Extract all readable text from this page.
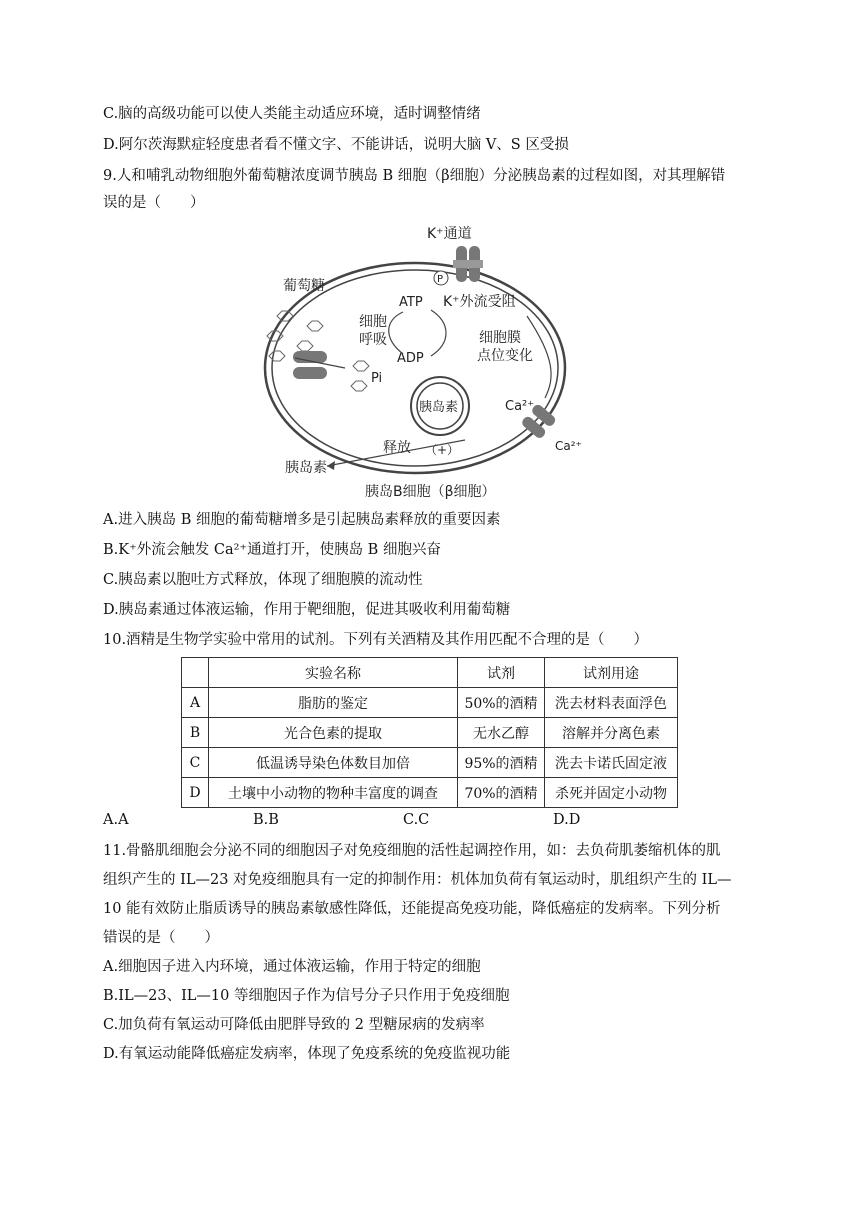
C.脑的高级功能可以使人类能主动适应环境，适时调整情绪
D.阿尔茨海默症轻度患者看不懂文字、不能讲话，说明大脑 V、S 区受损
9.人和哺乳动物细胞外葡萄糖浓度调节胰岛 B 细胞（β细胞）分泌胰岛素的过程如图，对其理解错
误的是（　　）
K⁺通道
P
葡萄糖
细胞
呼吸
ATP
ADP
Pi
K⁺外流受阻
细胞膜
点位变化
Ca²⁺
Ca²⁺
胰岛素
释放 （+）
胰岛素
胰岛B细胞（β细胞）
A.进入胰岛 B 细胞的葡萄糖增多是引起胰岛素释放的重要因素
B.K⁺外流会触发 Ca²⁺通道打开，使胰岛 B 细胞兴奋
C.胰岛素以胞吐方式释放，体现了细胞膜的流动性
D.胰岛素通过体液运输，作用于靶细胞，促进其吸收利用葡萄糖
10.酒精是生物学实验中常用的试剂。下列有关酒精及其作用匹配不合理的是（　　）
	实验名称	试剂	试剂用途
A	脂肪的鉴定	50%的酒精	洗去材料表面浮色
B	光合色素的提取	无水乙醇	溶解并分离色素
C	低温诱导染色体数目加倍	95%的酒精	洗去卡诺氏固定液
D	土壤中小动物的物种丰富度的调查	70%的酒精	杀死并固定小动物
A.A	B.B	C.C	D.D
11.骨骼肌细胞会分泌不同的细胞因子对免疫细胞的活性起调控作用，如：去负荷肌萎缩机体的肌
组织产生的 IL—23 对免疫细胞具有一定的抑制作用：机体加负荷有氧运动时，肌组织产生的 IL—
10 能有效防止脂质诱导的胰岛素敏感性降低，还能提高免疫功能，降低癌症的发病率。下列分析
错误的是（　　）
A.细胞因子进入内环境，通过体液运输，作用于特定的细胞
B.IL—23、IL—10 等细胞因子作为信号分子只作用于免疫细胞
C.加负荷有氧运动可降低由肥胖导致的 2 型糖尿病的发病率
D.有氧运动能降低癌症发病率，体现了免疫系统的免疫监视功能
